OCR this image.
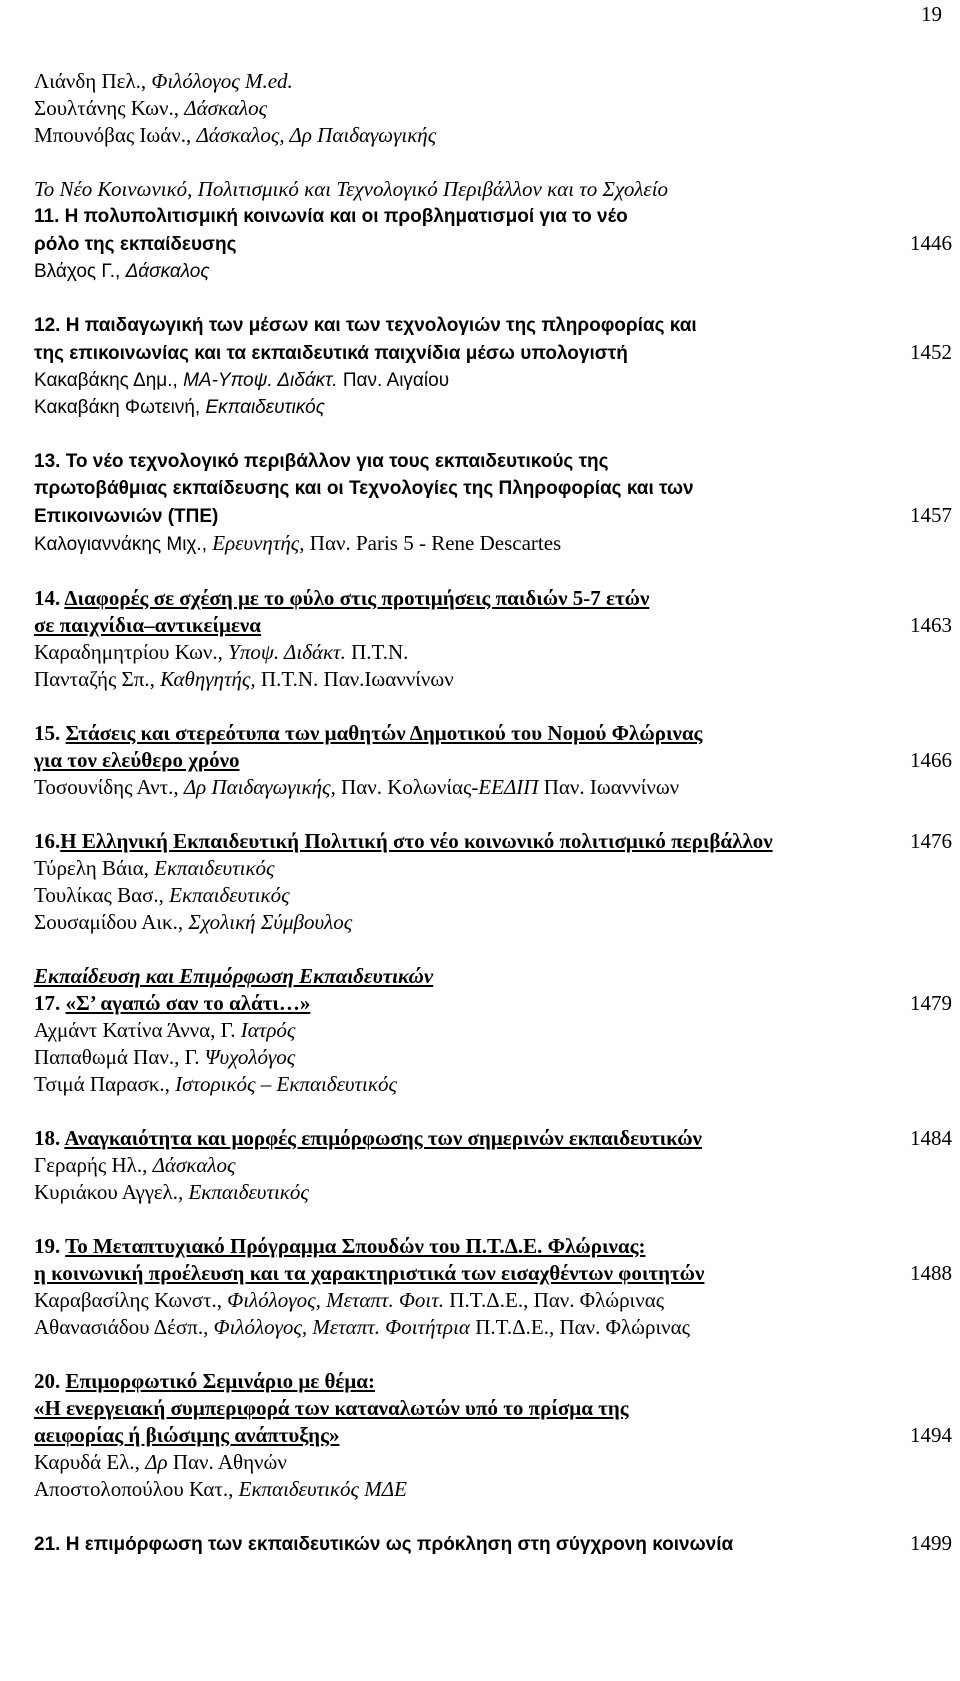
19
Λιάνδη Πελ., Φιλόλογος M.ed.
Σουλτάνης Κων., Δάσκαλος
Μπουνόβας Ιωάν., Δάσκαλος, Δρ Παιδαγωγικής
Το Νέο Κοινωνικό, Πολιτισμικό και Τεχνολογικό Περιβάλλον και το Σχολείο
11. Η πολυπολιτισμική κοινωνία και οι προβληματισμοί για το νέο
ρόλο της εκπαίδευσης	1446
Βλάχος Γ., Δάσκαλος
12. Η παιδαγωγική των μέσων και των τεχνολογιών της πληροφορίας και
της επικοινωνίας και τα εκπαιδευτικά παιχνίδια μέσω υπολογιστή	1452
Κακαβάκης Δημ., ΜΑ-Υποψ. Διδάκτ. Παν. Αιγαίου
Κακαβάκη Φωτεινή, Εκπαιδευτικός
13. Το νέο τεχνολογικό περιβάλλον για τους εκπαιδευτικούς της
πρωτοβάθμιας εκπαίδευσης και οι Τεχνολογίες της Πληροφορίας και των
Επικοινωνιών (ΤΠΕ)	1457
Καλογιαννάκης Μιχ., Ερευνητής, Παν. Paris 5 - Rene Descartes
14. Διαφορές σε σχέση με το φύλο στις προτιμήσεις παιδιών 5-7 ετών
σε παιχνίδια–αντικείμενα	1463
Καραδημητρίου Κων., Υποψ. Διδάκτ. Π.Τ.Ν.
Πανταζής Σπ., Καθηγητής, Π.Τ.Ν. Παν.Ιωαννίνων
15. Στάσεις και στερεότυπα των μαθητών Δημοτικού του Νομού Φλώρινας
για τον ελεύθερο χρόνο	1466
Τοσουνίδης Αντ., Δρ Παιδαγωγικής, Παν. Κολωνίας-ΕΕΔΙΠ Παν. Ιωαννίνων
16.Η Ελληνική Εκπαιδευτική Πολιτική στο νέο κοινωνικό πολιτισμικό περιβάλλον	1476
Τύρελη Βάια, Εκπαιδευτικός
Τουλίκας Βασ., Εκπαιδευτικός
Σουσαμίδου Αικ., Σχολική Σύμβουλος
Εκπαίδευση και Επιμόρφωση Εκπαιδευτικών
17. «Σ’ αγαπώ σαν το αλάτι…»	1479
Αχμάντ Κατίνα Άννα, Γ. Ιατρός
Παπαθωμά Παν., Γ. Ψυχολόγος
Τσιμά Παρασκ., Ιστορικός – Εκπαιδευτικός
18. Αναγκαιότητα και μορφές επιμόρφωσης των σημερινών εκπαιδευτικών	1484
Γεραρής Ηλ., Δάσκαλος
Κυριάκου Αγγελ., Εκπαιδευτικός
19. Το Μεταπτυχιακό Πρόγραμμα Σπουδών του Π.Τ.Δ.Ε. Φλώρινας:
η κοινωνική προέλευση και τα χαρακτηριστικά των εισαχθέντων φοιτητών	1488
Καραβασίλης Κωνστ., Φιλόλογος, Μεταπτ. Φοιτ. Π.Τ.Δ.Ε., Παν. Φλώρινας
Αθανασιάδου Δέσπ., Φιλόλογος, Μεταπτ. Φοιτήτρια Π.Τ.Δ.Ε., Παν. Φλώρινας
20. Επιμορφωτικό Σεμινάριο με θέμα:
«Η ενεργειακή συμπεριφορά των καταναλωτών υπό το πρίσμα της
αειφορίας ή βιώσιμης ανάπτυξης»	1494
Καρυδά Ελ., Δρ Παν. Αθηνών
Αποστολοπούλου Κατ., Εκπαιδευτικός ΜΔΕ
21. Η επιμόρφωση των εκπαιδευτικών ως πρόκληση στη σύγχρονη κοινωνία	1499
